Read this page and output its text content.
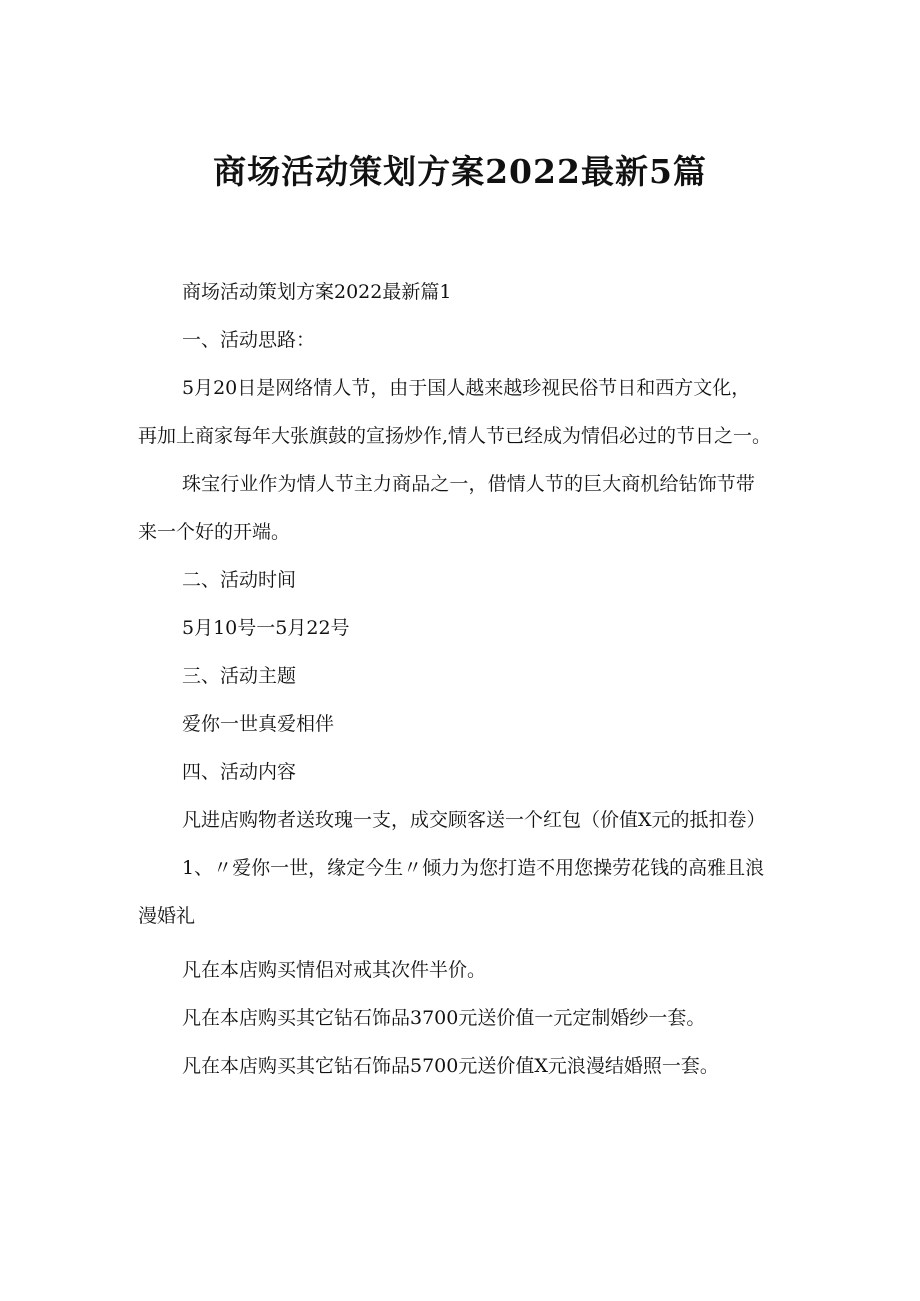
商场活动策划方案2022最新5篇

商场活动策划方案2022最新篇1

一、活动思路：

5月20日是网络情人节，由于国人越来越珍视民俗节日和西方文化，

再加上商家每年大张旗鼓的宣扬炒作,情人节已经成为情侣必过的节日之一。

珠宝行业作为情人节主力商品之一，借情人节的巨大商机给钻饰节带

来一个好的开端。

二、活动时间

5月10号一5月22号

三、活动主题

爱你一世真爱相伴

四、活动内容

凡进店购物者送玫瑰一支，成交顾客送一个红包（价值X元的抵扣卷）

1、〃爱你一世，缘定今生〃倾力为您打造不用您操劳花钱的高雅且浪

漫婚礼

凡在本店购买情侣对戒其次件半价。

凡在本店购买其它钻石饰品3700元送价值一元定制婚纱一套。

凡在本店购买其它钻石饰品5700元送价值X元浪漫结婚照一套。
